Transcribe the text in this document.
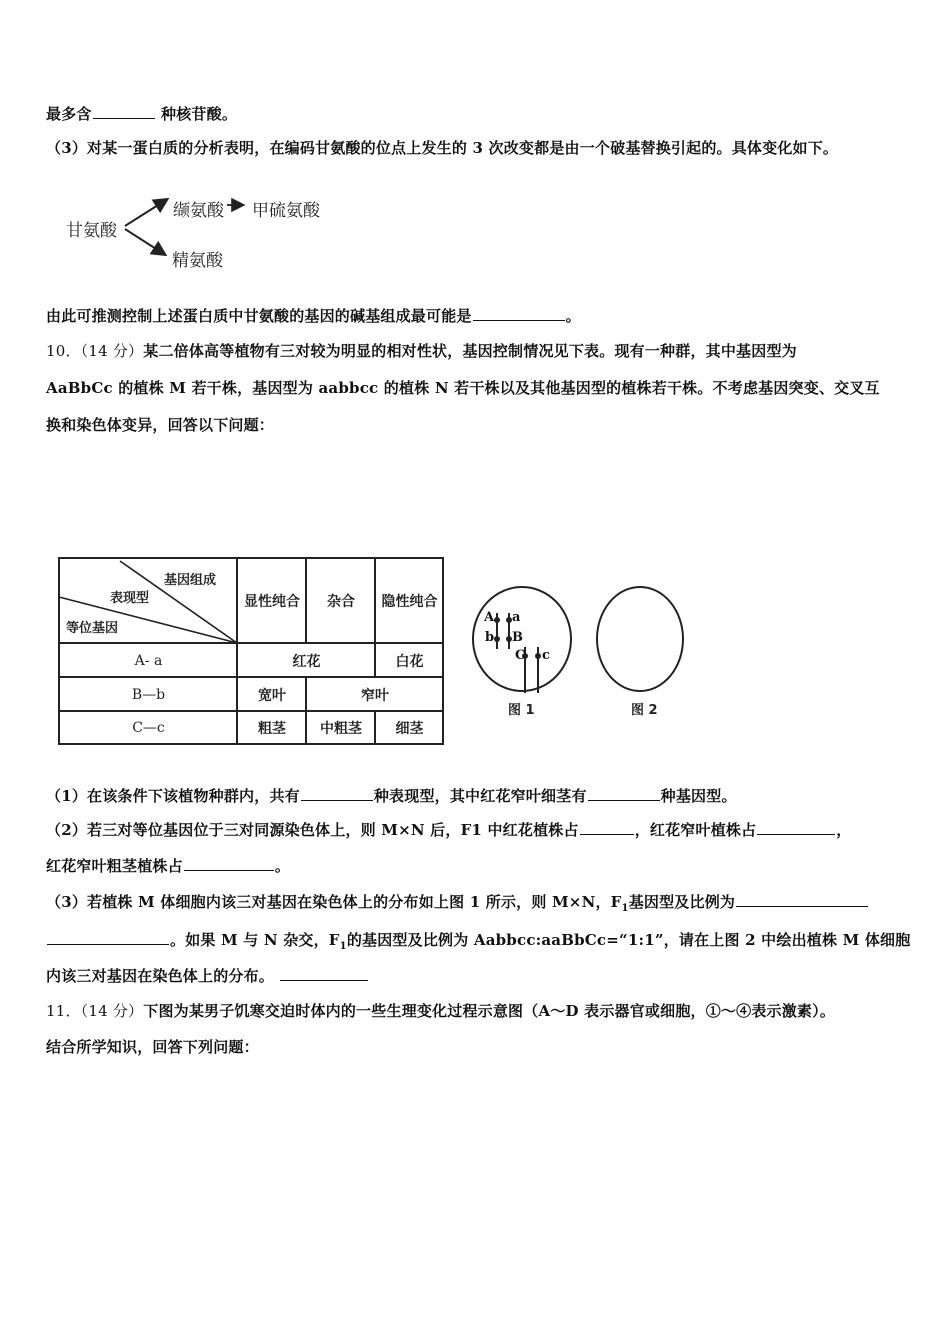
最多含	种核苷酸。
（3）对某一蛋白质的分析表明，在编码甘氨酸的位点上发生的 3 次改变都是由一个破基替换引起的。具体变化如下。
甘氨酸
缬氨酸 甲硫氨酸
精氨酸
由此可推测控制上述蛋白质中甘氨酸的基因的碱基组成最可能是	。
10．（14 分）某二倍体高等植物有三对较为明显的相对性状，基因控制情况见下表。现有一种群，其中基因型为
AaBbCc 的植株 M 若干株，基因型为 aabbcc 的植株 N 若干株以及其他基因型的植株若干株。不考虑基因突变、交叉互
换和染色体变异，回答以下问题：
基因组成
表现型
等位基因
显性纯合	杂合	隐性纯合
A- a	红花	白花
B—b	宽叶	窄叶
C—c	粗茎	中粗茎	细茎
A a
b B
C c
图 1	图 2
（1）在该条件下该植物种群内，共有	种表现型，其中红花窄叶细茎有	种基因型。
（2）若三对等位基因位于三对同源染色体上，则 M×N 后，F1 中红花植株占	，红花窄叶植株占	，
红花窄叶粗茎植株占	。
（3）若植株 M 体细胞内该三对基因在染色体上的分布如上图 1 所示，则 M×N，$F_1$基因型及比例为
。如果 M 与 N 杂交，$F_1$的基因型及比例为 Aabbcc:aaBbCc=“1:1”，请在上图 2 中绘出植株 M 体细胞
内该三对基因在染色体上的分布。
11．（14 分）下图为某男子饥寒交迫时体内的一些生理变化过程示意图（A～D 表示器官或细胞，①～④表示激素）。
结合所学知识，回答下列问题：
